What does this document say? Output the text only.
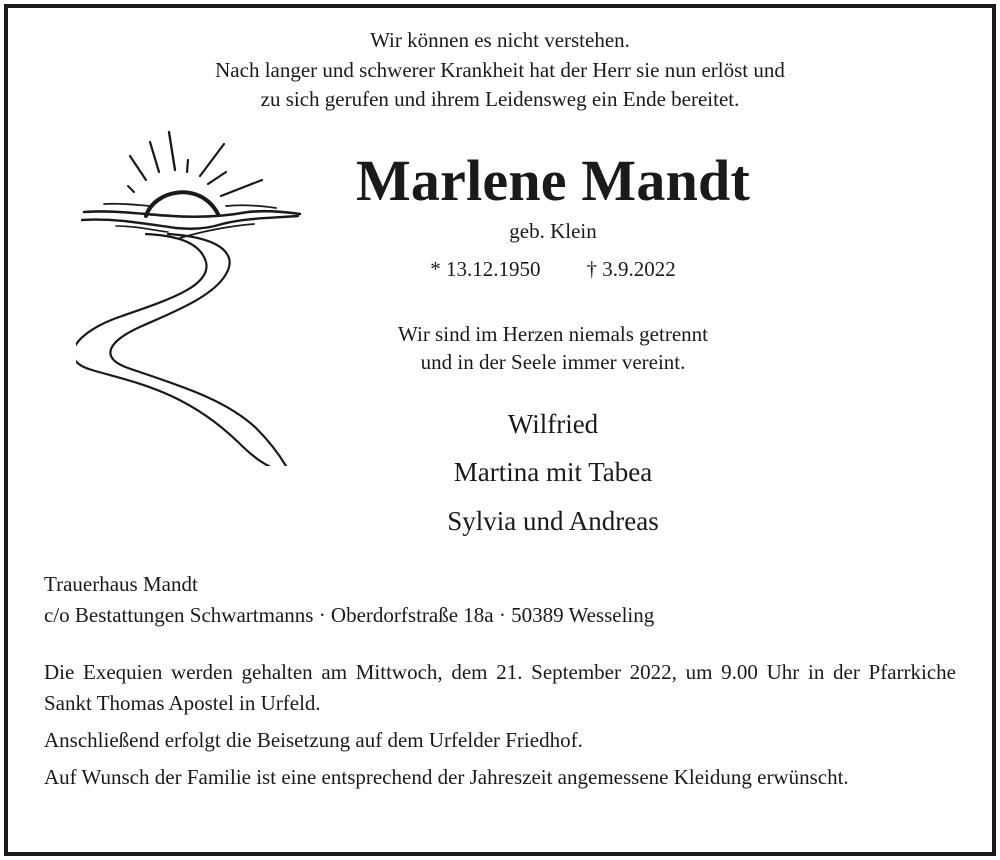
Wir können es nicht verstehen.
Nach langer und schwerer Krankheit hat der Herr sie nun erlöst und
zu sich gerufen und ihrem Leidensweg ein Ende bereitet.
Marlene Mandt
geb. Klein
* 13.12.1950 † 3.9.2022
Wir sind im Herzen niemals getrennt
und in der Seele immer vereint.
Wilfried
Martina mit Tabea
Sylvia und Andreas
Trauerhaus Mandt
c/o Bestattungen Schwartmanns · Oberdorfstraße 18a · 50389 Wesseling

Die Exequien werden gehalten am Mittwoch, dem 21. September 2022, um 9.00 Uhr in der Pfarrkiche Sankt Thomas Apostel in Urfeld.

Anschließend erfolgt die Beisetzung auf dem Urfelder Friedhof.

Auf Wunsch der Familie ist eine entsprechend der Jahreszeit angemessene Kleidung erwünscht.
